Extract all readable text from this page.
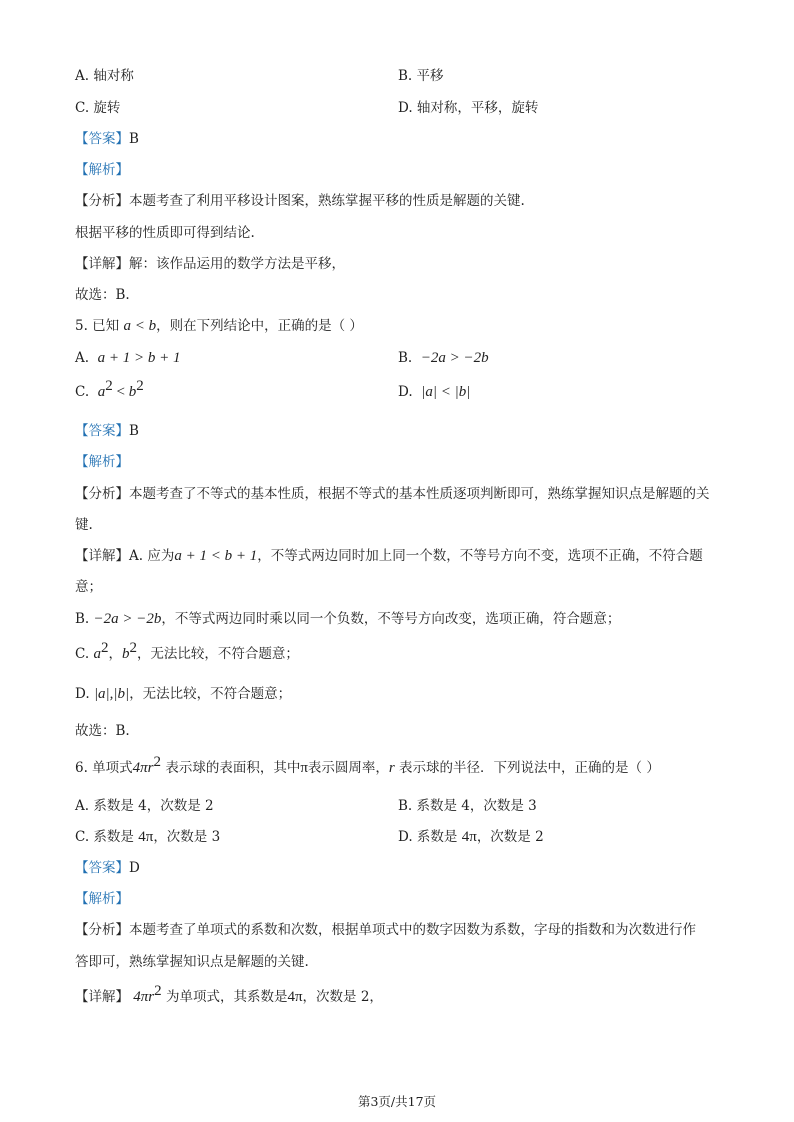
A. 轴对称	B. 平移
C. 旋转	D. 轴对称，平移，旋转
【答案】B
【解析】
【分析】本题考查了利用平移设计图案，熟练掌握平移的性质是解题的关键.
根据平移的性质即可得到结论.
【详解】解：该作品运用的数学方法是平移，
故选：B.
5. 已知 a < b，则在下列结论中，正确的是（ ）
A. a + 1 > b + 1	B. −2a > −2b
C. $a^2 < b^2$	D. |a| < |b|
【答案】B
【解析】
【分析】本题考查了不等式的基本性质，根据不等式的基本性质逐项判断即可，熟练掌握知识点是解题的关
键.
【详解】A. 应为a + 1 < b + 1，不等式两边同时加上同一个数，不等号方向不变，选项不正确，不符合题
意；
B. −2a > −2b，不等式两边同时乘以同一个负数，不等号方向改变，选项正确，符合题意；
C. $a^2$，$b^2$，无法比较，不符合题意；
D. |a|,|b|，无法比较，不符合题意；
故选：B.
6. 单项式$4\pi r^2$ 表示球的表面积，其中π表示圆周率，r 表示球的半径．下列说法中，正确的是（ ）
A. 系数是 4，次数是 2	B. 系数是 4，次数是 3
C. 系数是 4π，次数是 3	D. 系数是 4π，次数是 2
【答案】D
【解析】
【分析】本题考查了单项式的系数和次数，根据单项式中的数字因数为系数，字母的指数和为次数进行作
答即可，熟练掌握知识点是解题的关键.
【详解】 $4\pi r^2$ 为单项式，其系数是4π，次数是 2，
第3页/共17页
